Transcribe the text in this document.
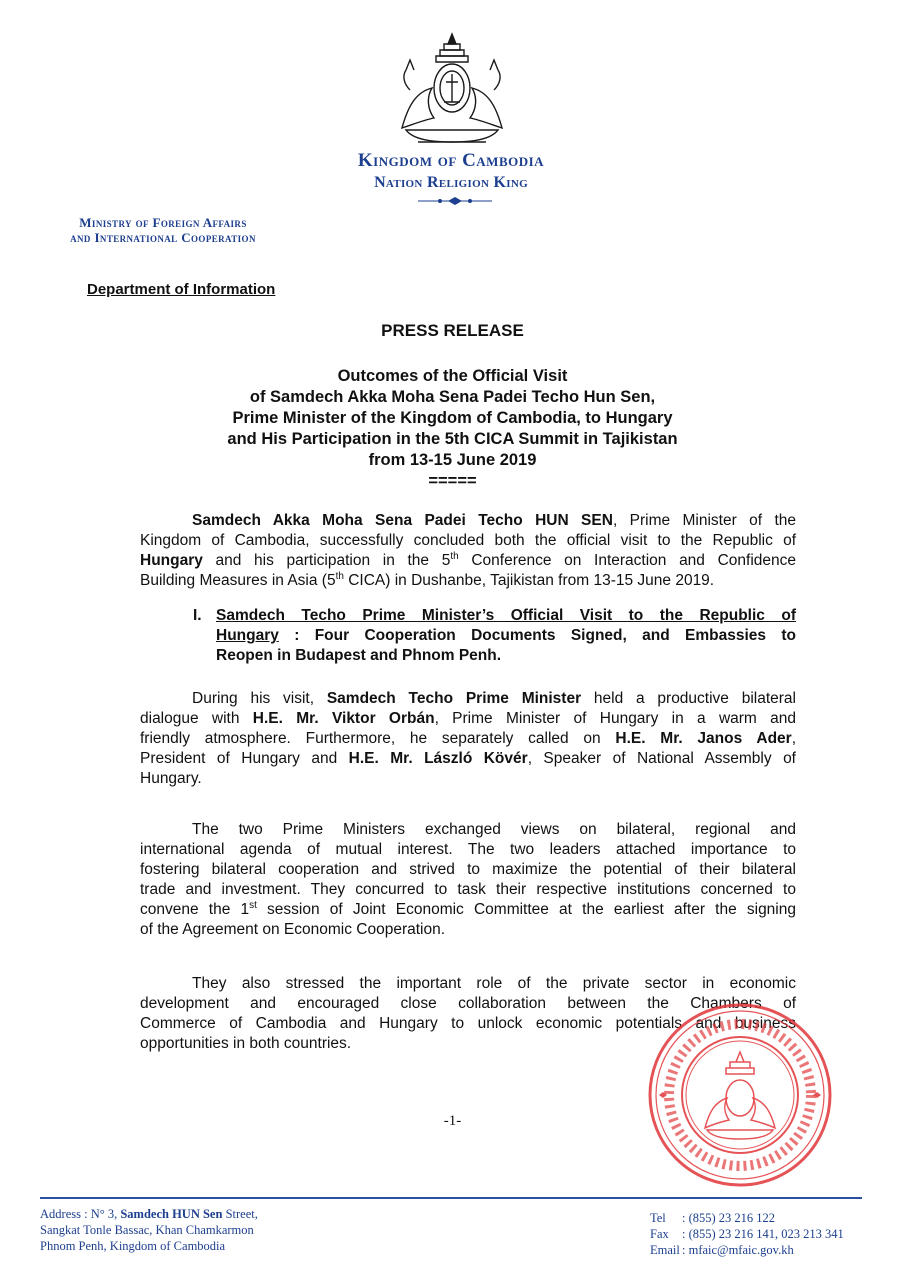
Kingdom of Cambodia
Nation Religion King
Ministry of Foreign Affairs
and International Cooperation
Department of Information
PRESS RELEASE
Outcomes of the Official Visit
of Samdech Akka Moha Sena Padei Techo Hun Sen,
Prime Minister of the Kingdom of Cambodia, to Hungary
and His Participation in the 5th CICA Summit in Tajikistan
from 13-15 June 2019
=====
Samdech Akka Moha Sena Padei Techo HUN SEN, Prime Minister of the
Kingdom of Cambodia, successfully concluded both the official visit to the Republic of
Hungary and his participation in the 5th Conference on Interaction and Confidence
Building Measures in Asia (5th CICA) in Dushanbe, Tajikistan from 13-15 June 2019.
I. Samdech Techo Prime Minister’s Official Visit to the Republic of
Hungary : Four Cooperation Documents Signed, and Embassies to
Reopen in Budapest and Phnom Penh.
During his visit, Samdech Techo Prime Minister held a productive bilateral
dialogue with H.E. Mr. Viktor Orbán, Prime Minister of Hungary in a warm and
friendly atmosphere. Furthermore, he separately called on H.E. Mr. Janos Ader,
President of Hungary and H.E. Mr. László Kövér, Speaker of National Assembly of
Hungary.
The two Prime Ministers exchanged views on bilateral, regional and
international agenda of mutual interest. The two leaders attached importance to
fostering bilateral cooperation and strived to maximize the potential of their bilateral
trade and investment. They concurred to task their respective institutions concerned to
convene the 1st session of Joint Economic Committee at the earliest after the signing
of the Agreement on Economic Cooperation.
They also stressed the important role of the private sector in economic
development and encouraged close collaboration between the Chambers of
Commerce of Cambodia and Hungary to unlock economic potentials and business
opportunities in both countries.
-1-
Address : N° 3, Samdech HUN Sen Street,
Sangkat Tonle Bassac, Khan Chamkarmon
Phnom Penh, Kingdom of Cambodia
Tel : (855) 23 216 122
Fax : (855) 23 216 141, 023 213 341
Email : mfaic@mfaic.gov.kh
